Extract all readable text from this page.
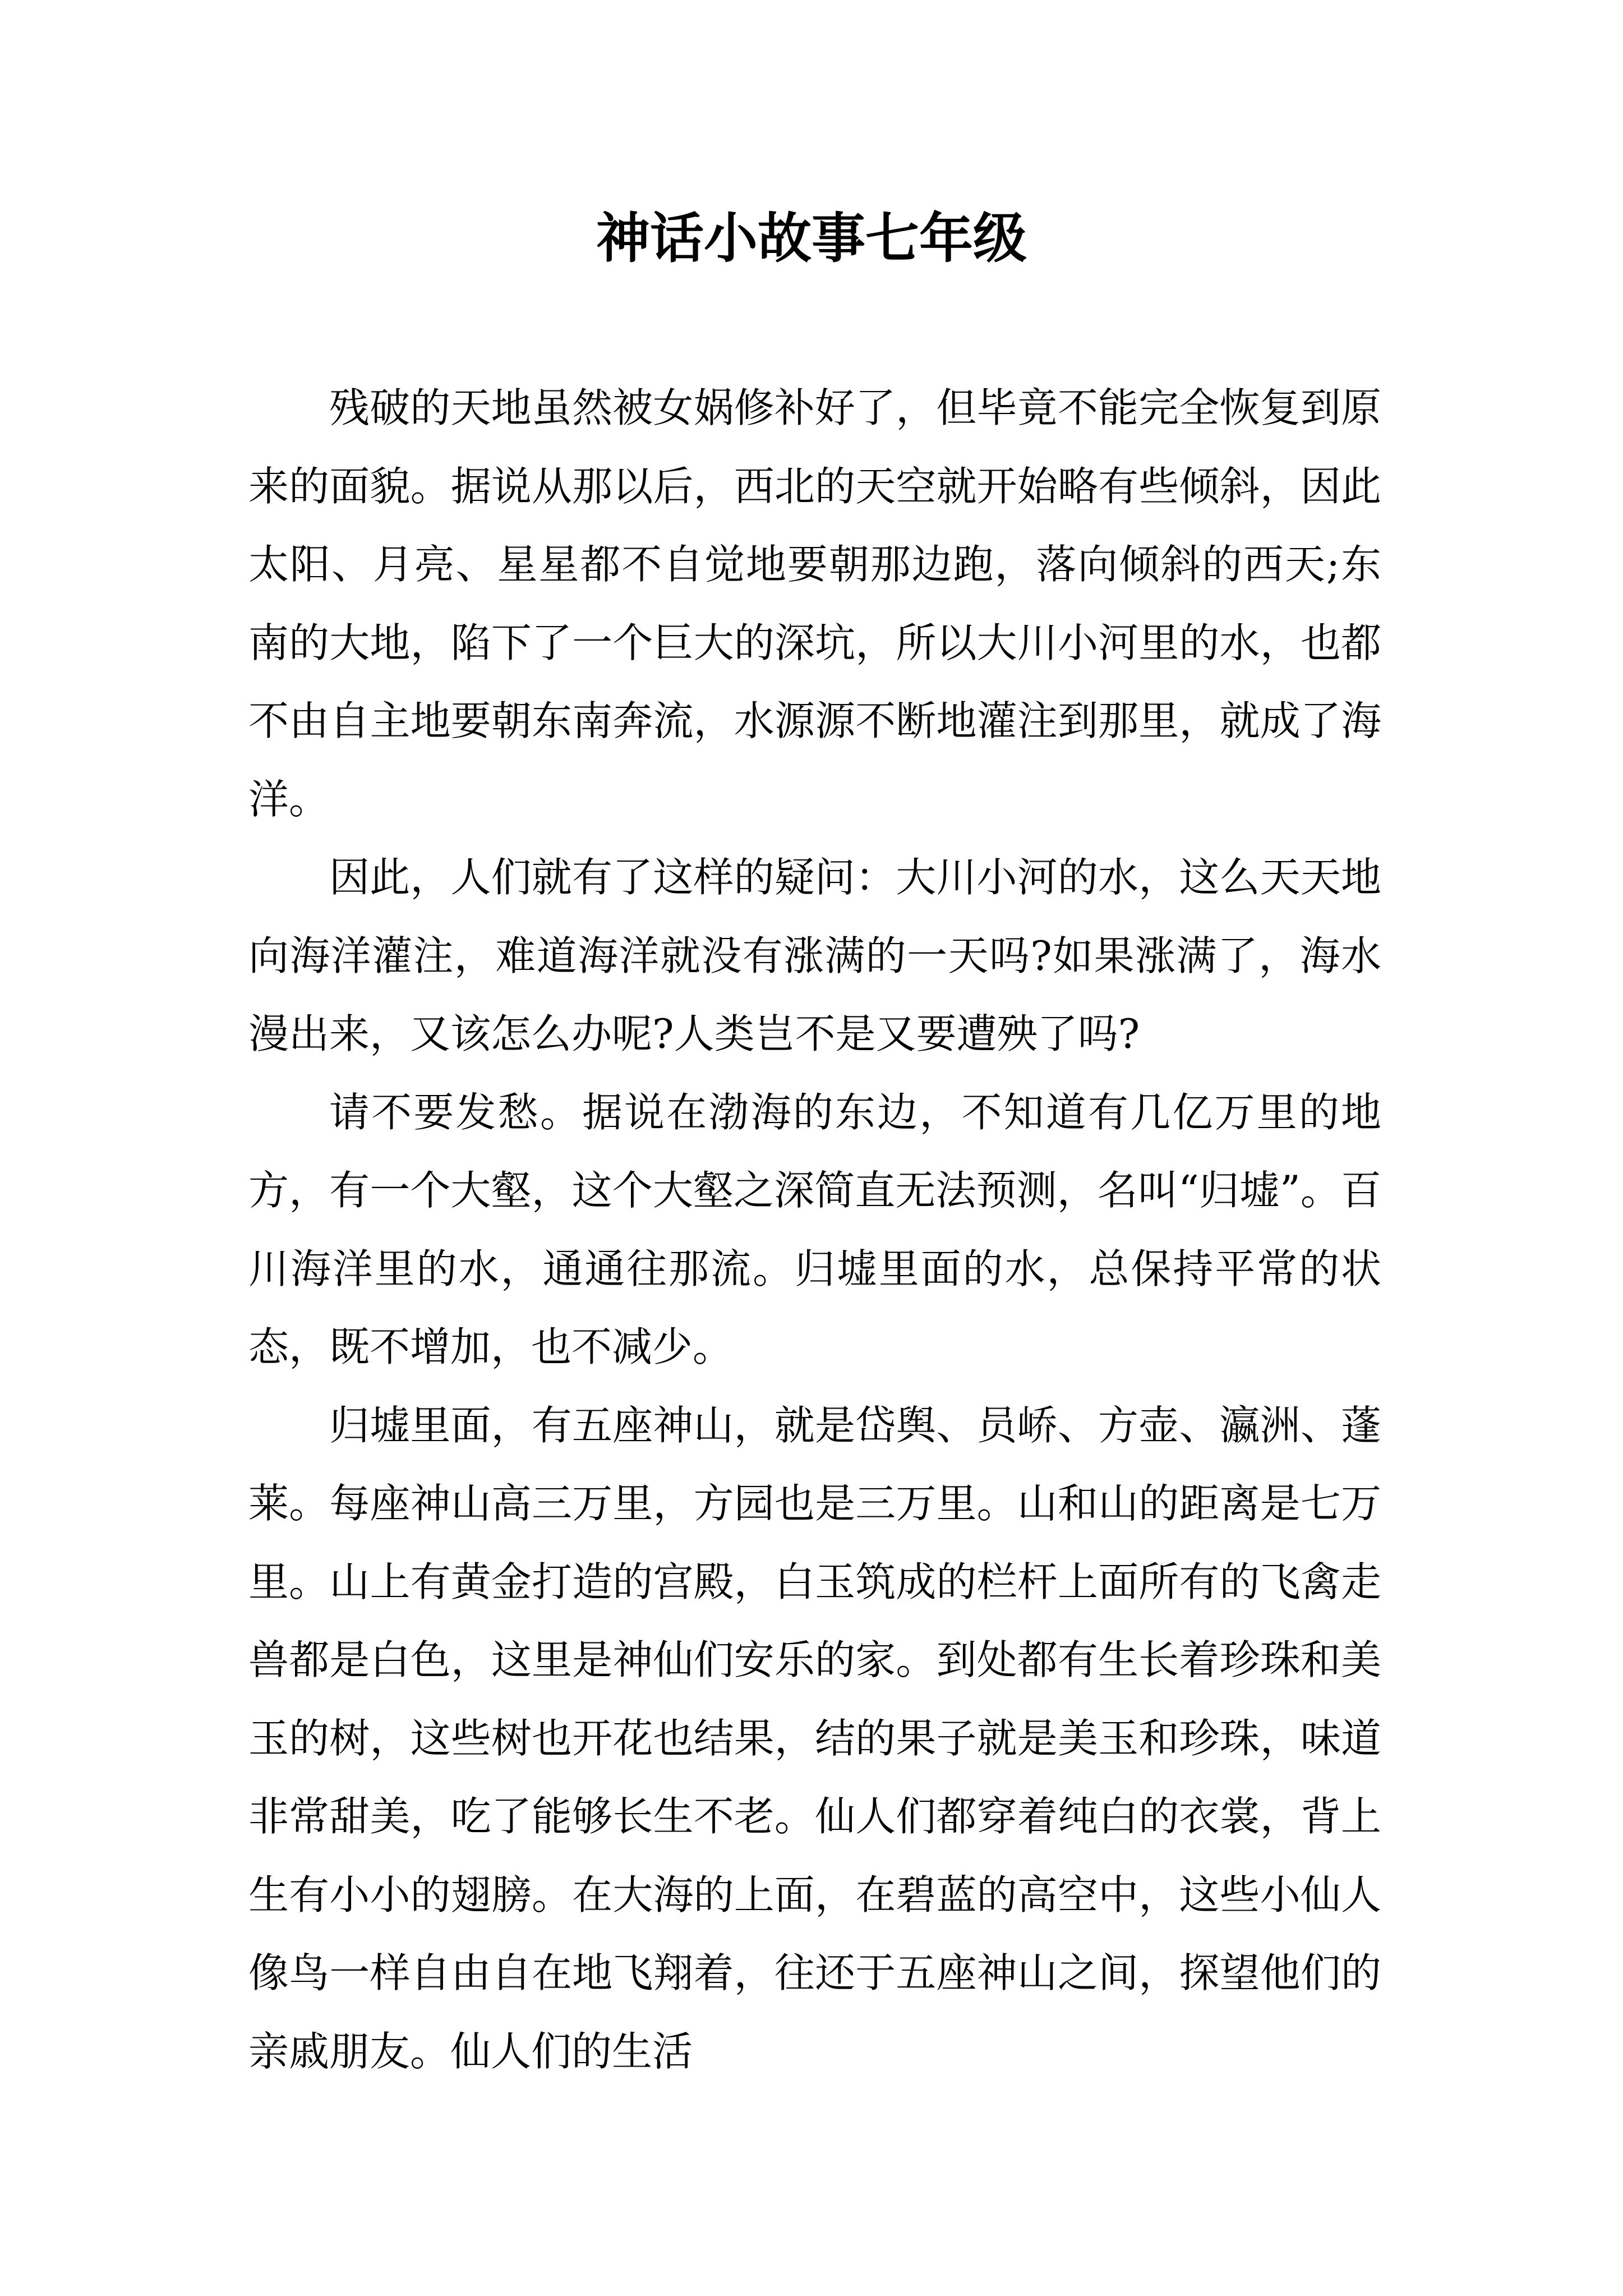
神话小故事七年级

残破的天地虽然被女娲修补好了，但毕竟不能完全恢复到原来的面貌。据说从那以后，西北的天空就开始略有些倾斜，因此太阳、月亮、星星都不自觉地要朝那边跑，落向倾斜的西天;东南的大地，陷下了一个巨大的深坑，所以大川小河里的水，也都不由自主地要朝东南奔流，水源源不断地灌注到那里，就成了海洋。

因此，人们就有了这样的疑问：大川小河的水，这么天天地向海洋灌注，难道海洋就没有涨满的一天吗?如果涨满了，海水漫出来，又该怎么办呢?人类岂不是又要遭殃了吗?

请不要发愁。据说在渤海的东边，不知道有几亿万里的地方，有一个大壑，这个大壑之深简直无法预测，名叫“归墟”。百川海洋里的水，通通往那流。归墟里面的水，总保持平常的状态，既不增加，也不减少。

归墟里面，有五座神山，就是岱舆、员峤、方壶、瀛洲、蓬莱。每座神山高三万里，方园也是三万里。山和山的距离是七万里。山上有黄金打造的宫殿，白玉筑成的栏杆上面所有的飞禽走兽都是白色，这里是神仙们安乐的家。到处都有生长着珍珠和美玉的树，这些树也开花也结果，结的果子就是美玉和珍珠，味道非常甜美，吃了能够长生不老。仙人们都穿着纯白的衣裳，背上生有小小的翅膀。在大海的上面，在碧蓝的高空中，这些小仙人像鸟一样自由自在地飞翔着，往还于五座神山之间，探望他们的亲戚朋友。仙人们的生活
